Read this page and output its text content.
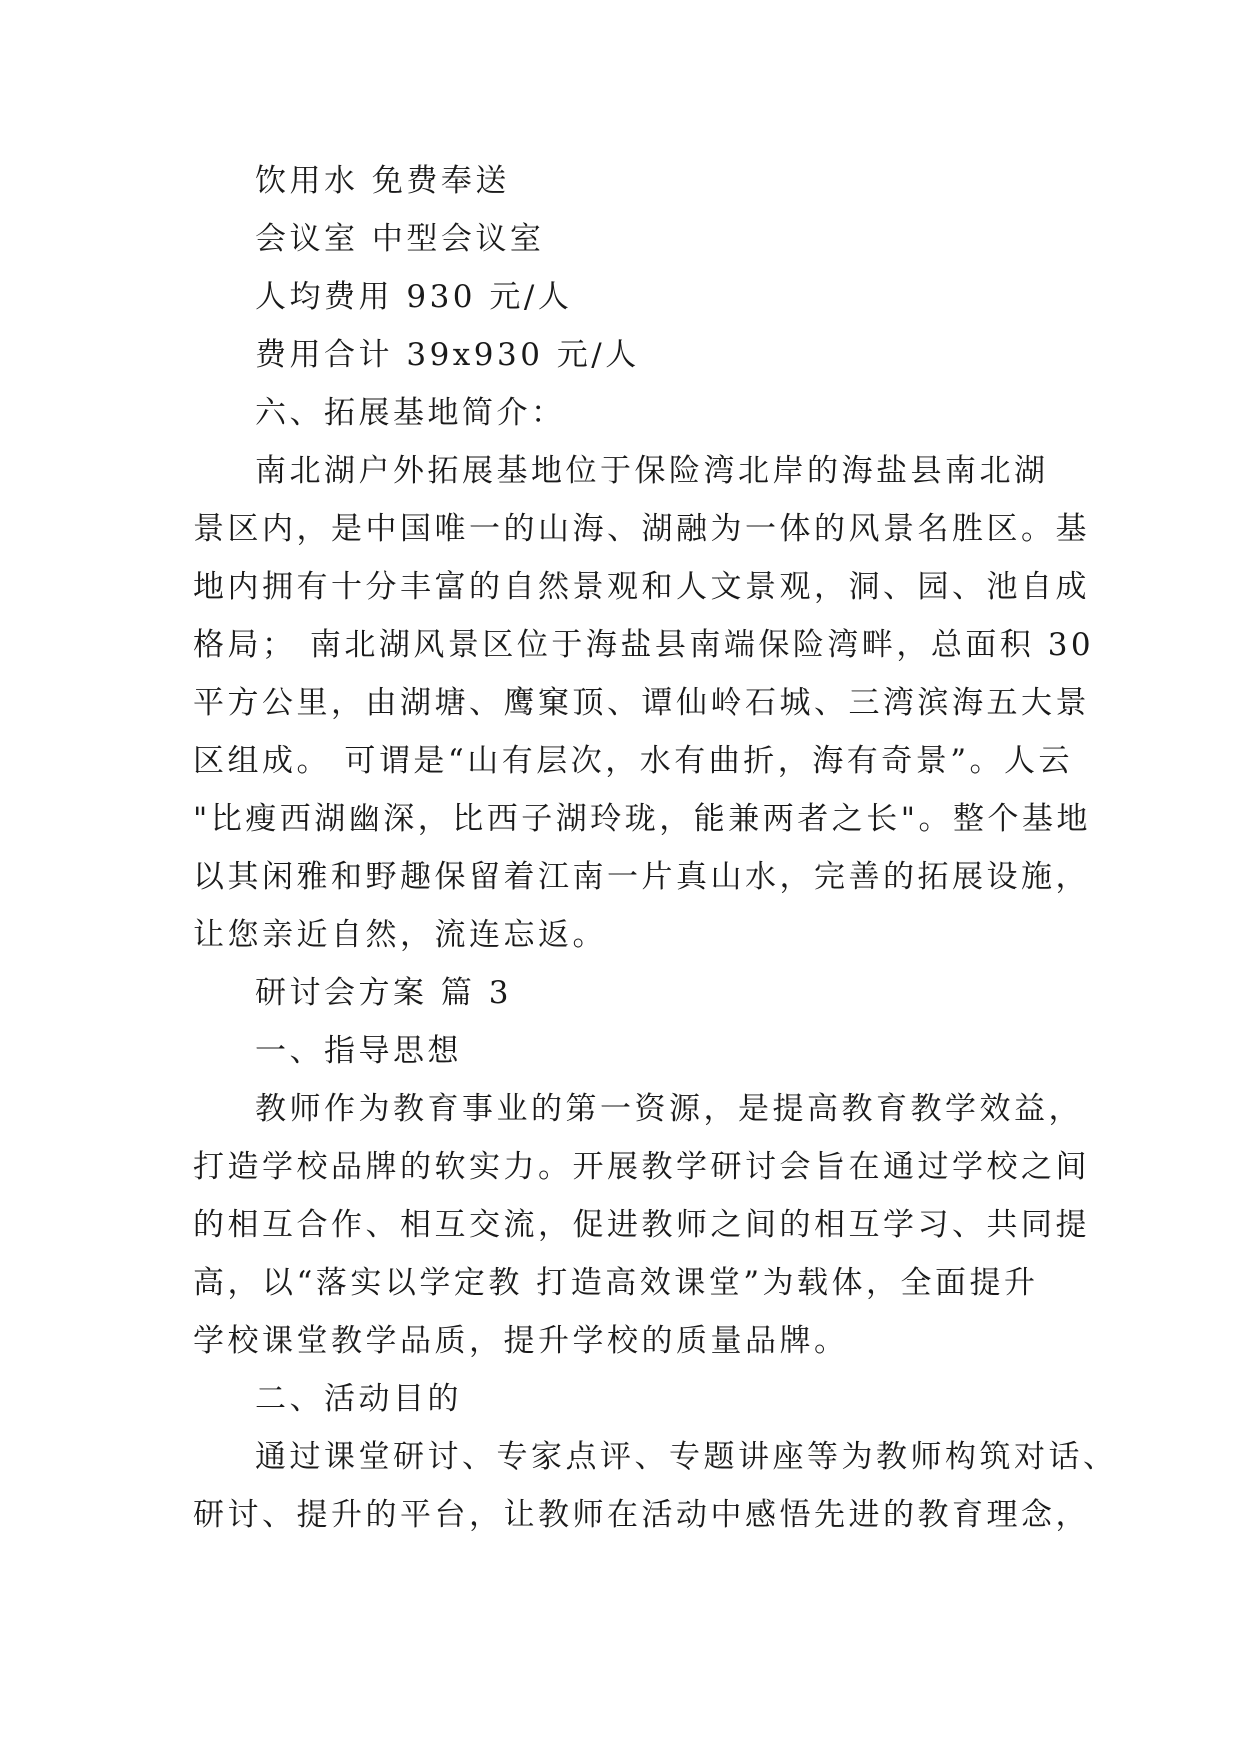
饮用水 免费奉送
会议室 中型会议室
人均费用 930 元/人
费用合计 39x930 元/人
六、拓展基地简介：
南北湖户外拓展基地位于保险湾北岸的海盐县南北湖
景区内，是中国唯一的山海、湖融为一体的风景名胜区。基
地内拥有十分丰富的自然景观和人文景观，洞、园、池自成
格局； 南北湖风景区位于海盐县南端保险湾畔，总面积 30
平方公里，由湖塘、鹰窠顶、谭仙岭石城、三湾滨海五大景
区组成。 可谓是“山有层次，水有曲折，海有奇景”。人云
"比瘦西湖幽深，比西子湖玲珑，能兼两者之长"。整个基地
以其闲雅和野趣保留着江南一片真山水，完善的拓展设施，
让您亲近自然，流连忘返。
研讨会方案 篇 3
一、指导思想
教师作为教育事业的第一资源，是提高教育教学效益，
打造学校品牌的软实力。开展教学研讨会旨在通过学校之间
的相互合作、相互交流，促进教师之间的相互学习、共同提
高，以“落实以学定教 打造高效课堂”为载体，全面提升
学校课堂教学品质，提升学校的质量品牌。
二、活动目的
通过课堂研讨、专家点评、专题讲座等为教师构筑对话、
研讨、提升的平台，让教师在活动中感悟先进的教育理念，
